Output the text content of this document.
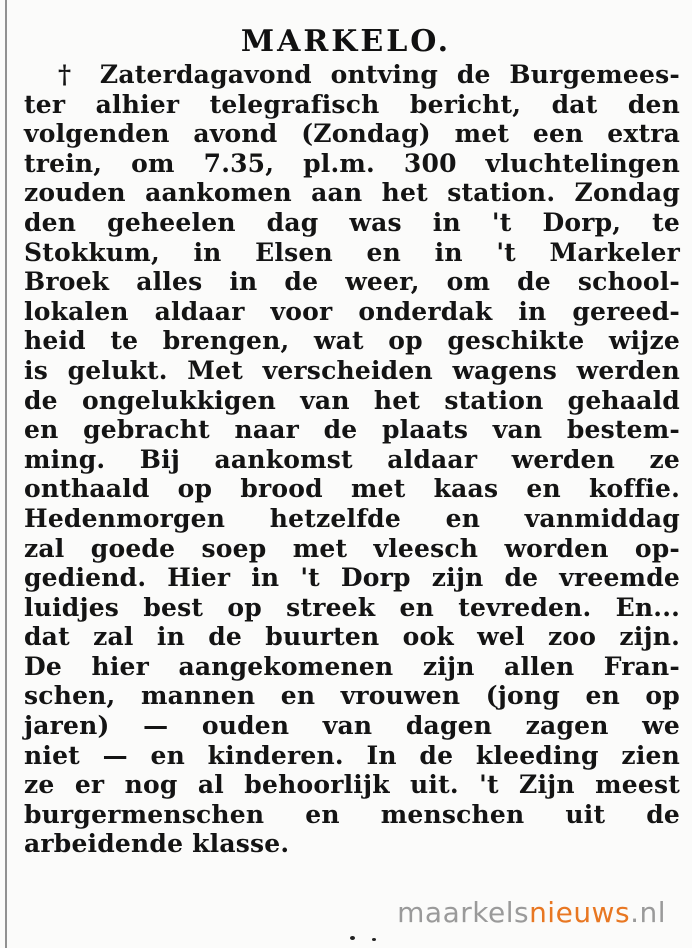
MARKELO.
† Zaterdagavond ontving de Burgemees-
ter alhier telegrafisch bericht, dat den
volgenden avond (Zondag) met een extra
trein, om 7.35, pl.m. 300 vluchtelingen
zouden aankomen aan het station. Zondag
den geheelen dag was in 't Dorp, te
Stokkum, in Elsen en in 't Markeler
Broek alles in de weer, om de school-
lokalen aldaar voor onderdak in gereed-
heid te brengen, wat op geschikte wijze
is gelukt. Met verscheiden wagens werden
de ongelukkigen van het station gehaald
en gebracht naar de plaats van bestem-
ming. Bij aankomst aldaar werden ze
onthaald op brood met kaas en koffie.
Hedenmorgen hetzelfde en vanmiddag
zal goede soep met vleesch worden op-
gediend. Hier in 't Dorp zijn de vreemde
luidjes best op streek en tevreden. En...
dat zal in de buurten ook wel zoo zijn.
De hier aangekomenen zijn allen Fran-
schen, mannen en vrouwen (jong en op
jaren) — ouden van dagen zagen we
niet — en kinderen. In de kleeding zien
ze er nog al behoorlijk uit. 't Zijn meest
burgermenschen en menschen uit de
arbeidende klasse.
maarkelsnieuws.nl
